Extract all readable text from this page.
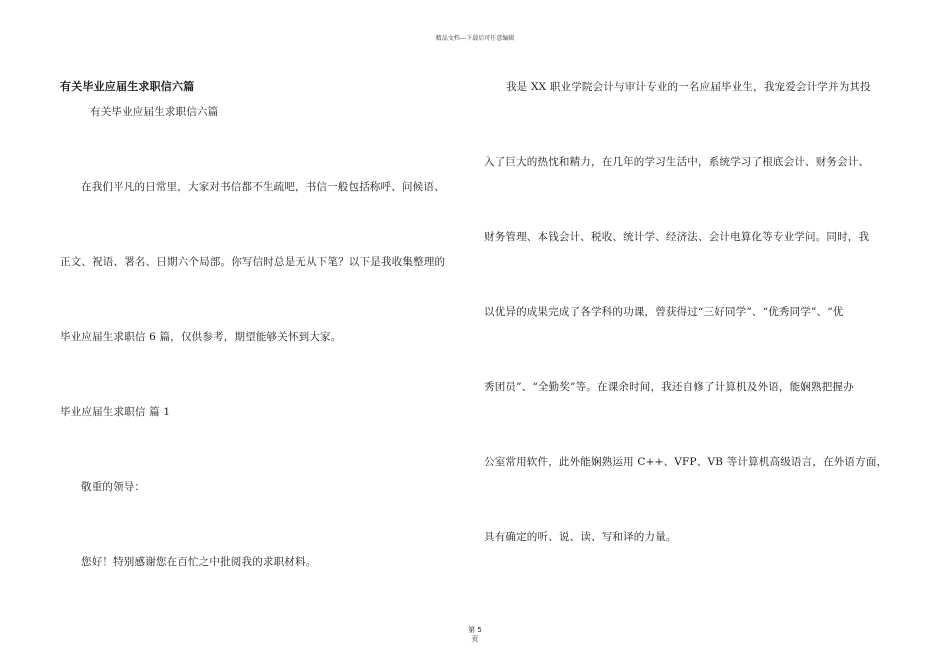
精品文档---下载后可任意编辑
有关毕业应届生求职信六篇
有关毕业应届生求职信六篇
在我们平凡的日常里，大家对书信都不生疏吧，书信一般包括称呼、问候语、
正文、祝语、署名、日期六个局部。你写信时总是无从下笔？以下是我收集整理的
毕业应届生求职信 6 篇，仅供参考，期望能够关怀到大家。
毕业应届生求职信 篇 1
敬重的领导：
您好！特别感谢您在百忙之中批阅我的求职材料。
我是 XX 职业学院会计与审计专业的一名应届毕业生，我宠爱会计学并为其投
入了巨大的热忱和精力，在几年的学习生活中，系统学习了根底会计、财务会计、
财务管理、本钱会计、税收、统计学、经济法、会计电算化等专业学问。同时，我
以优异的成果完成了各学科的功课，曾获得过“三好同学”、“优秀同学”、“优
秀团员”、“全勤奖”等。在课余时间，我还自修了计算机及外语，能娴熟把握办
公室常用软件，此外能娴熟运用 C++、VFP、VB 等计算机高级语言，在外语方面，
具有确定的听、说、读、写和译的力量。
第 5
页
